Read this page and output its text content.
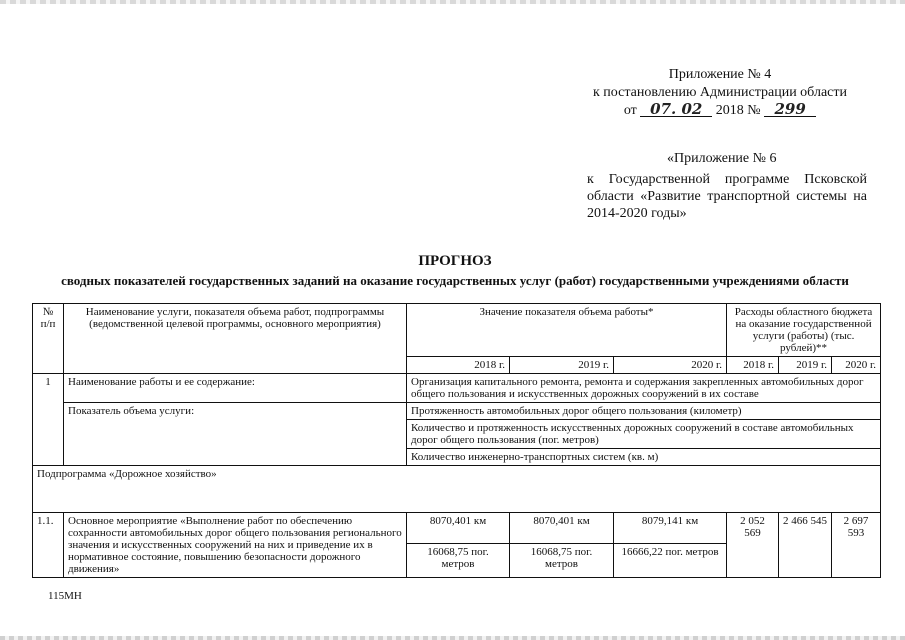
Приложение № 4
к постановлению Администрации области
от 07. 02 2018 № 299
«Приложение № 6
к Государственной программе Псковской области «Развитие транспортной системы на 2014-2020 годы»
ПРОГНОЗ
сводных показателей государственных заданий на оказание государственных услуг (работ) государственными учреждениями области
№ п/п	Наименование услуги, показателя объема работ, подпрограммы (ведомственной целевой программы, основного мероприятия)	Значение показателя объема работы*			Расходы областного бюджета на оказание государственной услуги (работы) (тыс. рублей)**		
		2018 г.	2019 г.	2020 г.	2018 г.	2019 г.	2020 г.
1	Наименование работы и ее содержание:	Организация капитального ремонта, ремонта и содержания закрепленных автомобильных дорог общего пользования и искусственных дорожных сооружений в их составе					
	Показатель объема услуги:	Протяженность автомобильных дорог общего пользования (километр)					
		Количество и протяженность искусственных дорожных сооружений в составе автомобильных дорог общего пользования (пог. метров)					
		Количество инженерно-транспортных систем (кв. м)					
Подпрограмма «Дорожное хозяйство»							
1.1.	Основное мероприятие «Выполнение работ по обеспечению сохранности автомобильных дорог общего пользования регионального значения и искусственных сооружений на них и приведение их в нормативное состояние, повышению безопасности дорожного движения»	8070,401 км	8070,401 км	8079,141 км	2 052 569	2 466 545	2 697 593
		16068,75 пог. метров	16068,75 пог. метров	16666,22 пог. метров			
115МН
